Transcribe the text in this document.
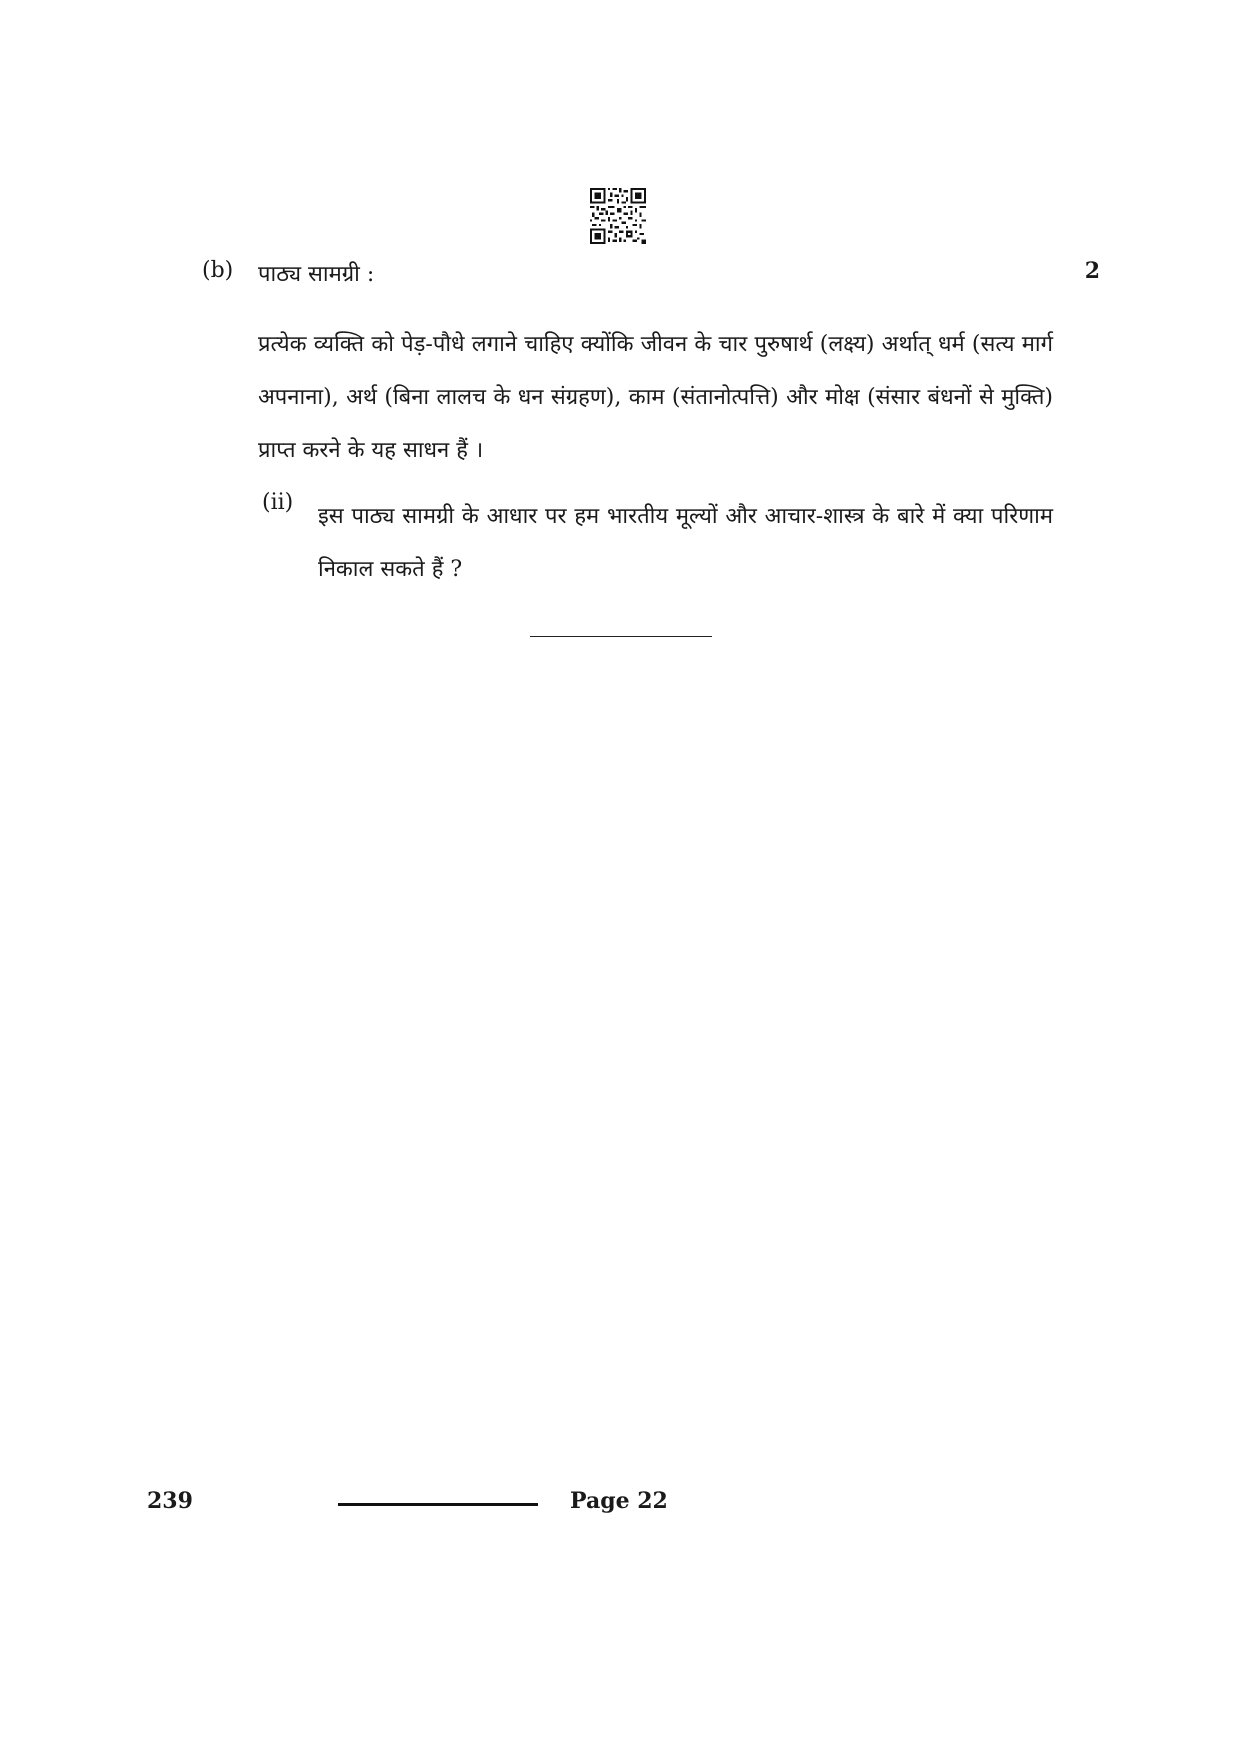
(b) पाठ्य सामग्री :	2
प्रत्येक व्यक्ति को पेड़-पौधे लगाने चाहिए क्योंकि जीवन के चार पुरुषार्थ (लक्ष्य) अर्थात् धर्म (सत्य मार्ग अपनाना), अर्थ (बिना लालच के धन संग्रहण), काम (संतानोत्पत्ति) और मोक्ष (संसार बंधनों से मुक्ति) प्राप्त करने के यह साधन हैं ।
(ii)
इस पाठ्य सामग्री के आधार पर हम भारतीय मूल्यों और आचार-शास्त्र के बारे में क्या परिणाम निकाल सकते हैं ?
239	Page 22
